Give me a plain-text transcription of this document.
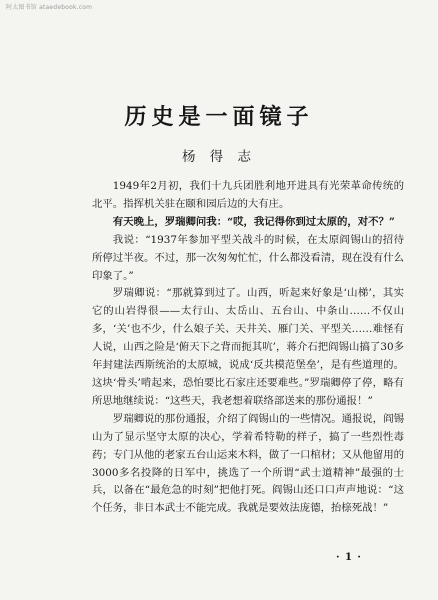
阿太图书馆 ataedebook.com
历史是一面镜子
杨 得 志

1949年2月初，我们十九兵团胜利地开进具有光荣革命传统的北平。指挥机关驻在颐和园后边的大有庄。

有天晚上，罗瑞卿问我：“哎，我记得你到过太原的，对不？”

我说：“1937年参加平型关战斗的时候，在太原阎锡山的招待所停过半夜。不过，那一次匆匆忙忙，什么都没看清，现在没有什么印象了。”

罗瑞卿说：“那就算到过了。山西，听起来好象是‘山梯’，其实它的山岩得很——太行山、太岳山、五台山、中条山……不仅山多，‘关’也不少，什么娘子关、天井关、雁门关、平型关……难怪有人说，山西之险是‘俯天下之背而扼其吭’，蒋介石把阎锡山搞了30多年封建法西斯统治的太原城，说成‘反共模范堡垒’，是有些道理的。这块‘骨头’啃起来，恐怕要比石家庄还要难些。”罗瑞卿停了停，略有所思地继续说：“这些天，我老想着联络部送来的那份通报！”

罗瑞卿说的那份通报，介绍了阎锡山的一些情况。通报说，阎锡山为了显示坚守太原的决心，学着希特勒的样子，搞了一些烈性毒药；专门从他的老家五台山运来木料，做了一口棺材；又从他留用的3000多名投降的日军中，挑选了一个所谓“武士道精神”最强的士兵，以备在“最危急的时刻”把他打死。阎锡山还口口声声地说：“这个任务，非日本武士不能完成。我就是要效法庞德，抬榇死战！”

· 1 ·
